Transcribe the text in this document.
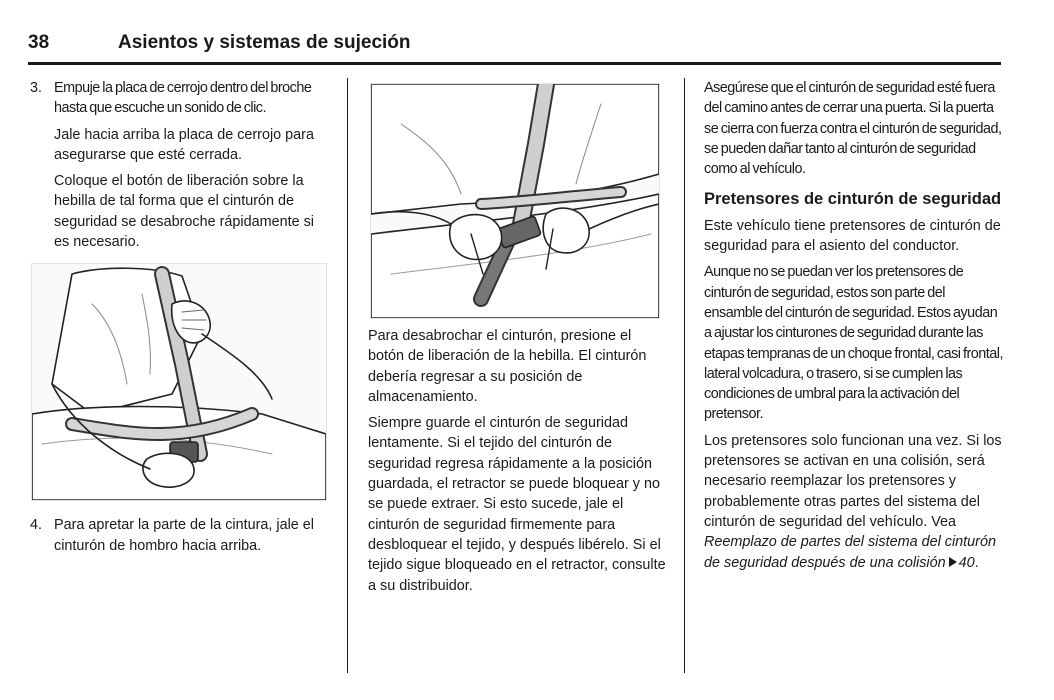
38	Asientos y sistemas de sujeción

3. Empuje la placa de cerrojo dentro del broche hasta que escuche un sonido de clic.

Jale hacia arriba la placa de cerrojo para asegurarse que esté cerrada.

Coloque el botón de liberación sobre la hebilla de tal forma que el cinturón de seguridad se desabroche rápidamente si es necesario.

4. Para apretar la parte de la cintura, jale el cinturón de hombro hacia arriba.

Para desabrochar el cinturón, presione el botón de liberación de la hebilla. El cinturón debería regresar a su posición de almacenamiento.

Siempre guarde el cinturón de seguridad lentamente. Si el tejido del cinturón de seguridad regresa rápidamente a la posición guardada, el retractor se puede bloquear y no se puede extraer. Si esto sucede, jale el cinturón de seguridad firmemente para desbloquear el tejido, y después libérelo. Si el tejido sigue bloqueado en el retractor, consulte a su distribuidor.

Asegúrese que el cinturón de seguridad esté fuera del camino antes de cerrar una puerta. Si la puerta se cierra con fuerza contra el cinturón de seguridad, se pueden dañar tanto al cinturón de seguridad como al vehículo.

Pretensores de cinturón de seguridad

Este vehículo tiene pretensores de cinturón de seguridad para el asiento del conductor.

Aunque no se puedan ver los pretensores de cinturón de seguridad, estos son parte del ensamble del cinturón de seguridad. Estos ayudan a ajustar los cinturones de seguridad durante las etapas tempranas de un choque frontal, casi frontal, lateral volcadura, o trasero, si se cumplen las condiciones de umbral para la activación del pretensor.

Los pretensores solo funcionan una vez. Si los pretensores se activan en una colisión, será necesario reemplazar los pretensores y probablemente otras partes del sistema del cinturón de seguridad del vehículo. Vea Reemplazo de partes del sistema del cinturón de seguridad después de una colisión 40.
